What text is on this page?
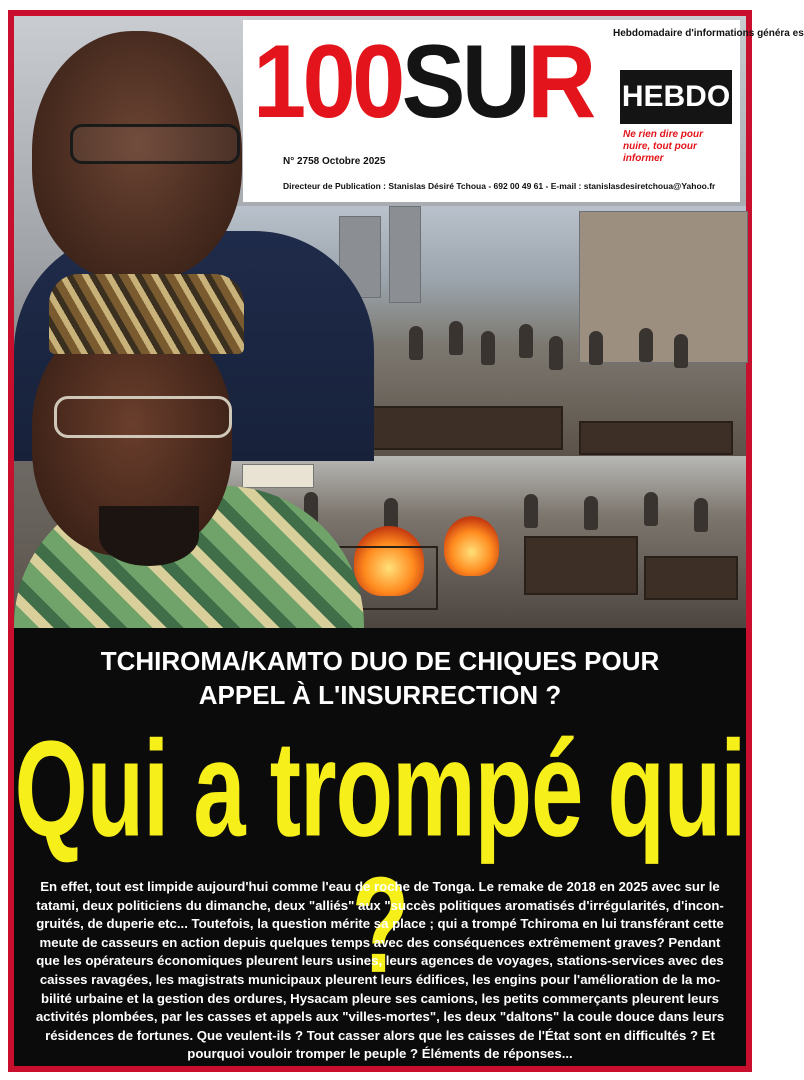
100SUR Hebdomadaire d'informations généra es
HEBDO
Ne rien dire pour nuire, tout pour informer
N° 2758 Octobre 2025
Directeur de Publication : Stanislas Désiré Tchoua - 692 00 49 61 - E-mail : stanislasdesiretchoua@Yahoo.fr
TCHIROMA/KAMTO DUO DE CHIQUES POUR
APPEL À L'INSURRECTION ?
Qui a trompé qui ?
En effet, tout est limpide aujourd'hui comme l'eau de roche de Tonga. Le remake de 2018 en 2025 avec sur le tatami, deux politiciens du dimanche, deux "alliés" aux "succès politiques aromatisés d'irrégularités, d'incon-gruités, de duperie etc... Toutefois, la question mérite sa place ; qui a trompé Tchiroma en lui transférant cette meute de casseurs en action depuis quelques temps avec des conséquences extrêmement graves? Pendant que les opérateurs économiques pleurent leurs usines, leurs agences de voyages, stations-services avec des caisses ravagées, les magistrats municipaux pleurent leurs édifices, les engins pour l'amélioration de la mo-bilité urbaine et la gestion des ordures, Hysacam pleure ses camions, les petits commerçants pleurent leurs activités plombées, par les casses et appels aux "villes-mortes", les deux "daltons" la coule douce dans leurs résidences de fortunes. Que veulent-ils ? Tout casser alors que les caisses de l'État sont en difficultés ? Et pourquoi vouloir tromper le peuple ? Éléments de réponses...
